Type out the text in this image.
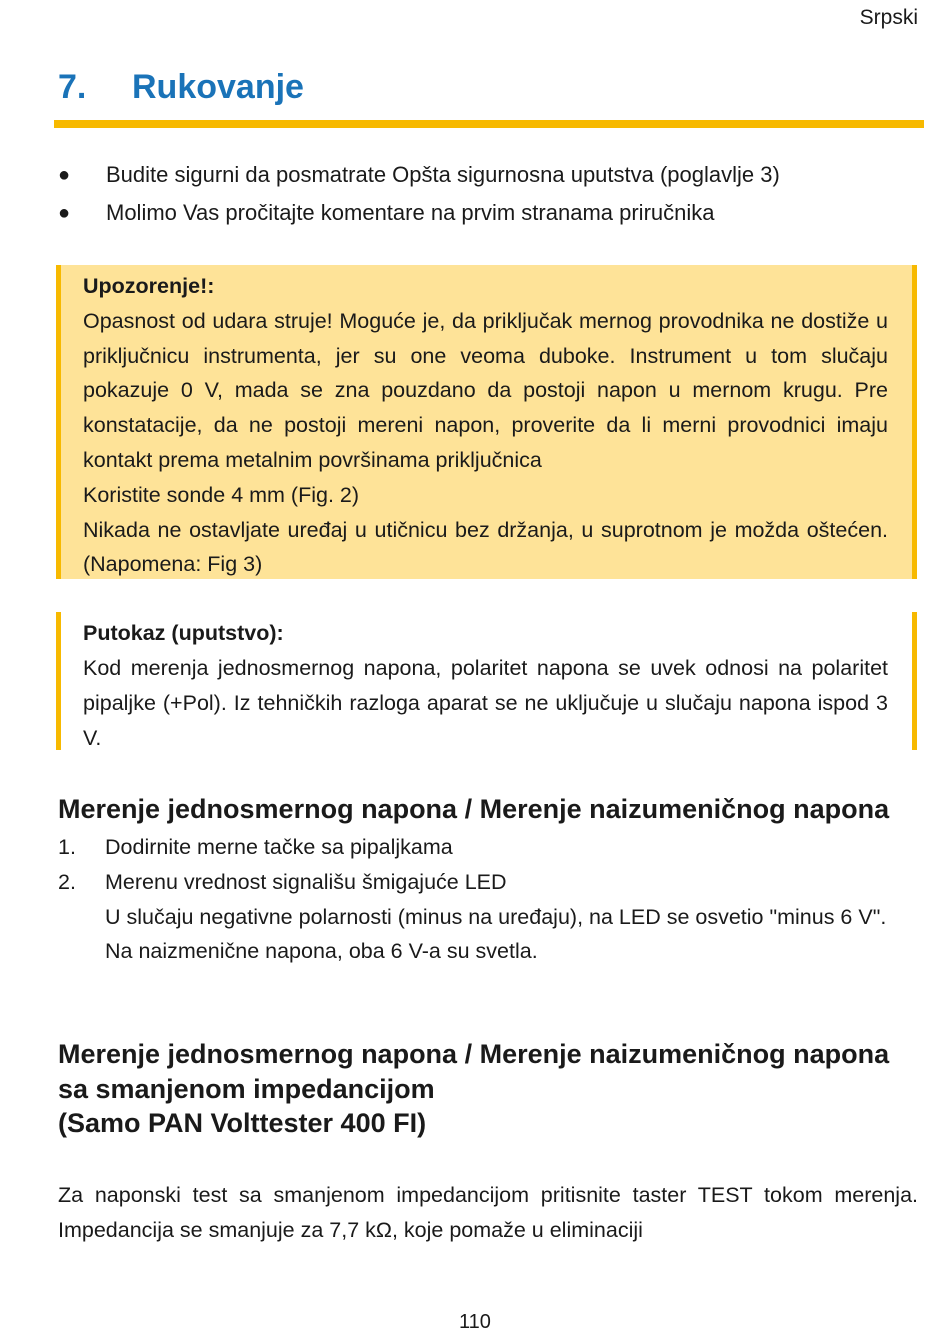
Srpski
7. Rukovanje
●	Budite sigurni da posmatrate Opšta sigurnosna uputstva (poglavlje 3)
●	Molimo Vas pročitajte komentare na prvim stranama priručnika
Upozorenje!:
Opasnost od udara struje! Moguće je, da priključak mernog provodnika ne dostiže u priključnicu instrumenta, jer su one veoma duboke. Instrument u tom slučaju pokazuje 0 V, mada se zna pouzdano da postoji napon u mernom krugu. Pre konstatacije, da ne postoji mereni napon, proverite da li merni provodnici imaju kontakt prema metalnim površinama priključnica
Koristite sonde 4 mm (Fig. 2)
Nikada ne ostavljate uređaj u utičnicu bez držanja, u suprotnom je možda oštećen. (Napomena: Fig 3)
Putokaz (uputstvo):
Kod merenja jednosmernog napona, polaritet napona se uvek odnosi na polaritet pipaljke (+Pol). Iz tehničkih razloga aparat se ne uključuje u slučaju napona ispod 3 V.
Merenje jednosmernog napona / Merenje naizumeničnog napona
1.	Dodirnite merne tačke sa pipaljkama
2.	Merenu vrednost signališu šmigajuće LED
U slučaju negativne polarnosti (minus na uređaju), na LED se osvetio "minus 6 V".
Na naizmenične napona, oba 6 V-a su svetla.
Merenje jednosmernog napona / Merenje naizumeničnog napona
sa smanjenom impedancijom
(Samo PAN Volttester 400 FI)
Za naponski test sa smanjenom impedancijom pritisnite taster TEST tokom merenja. Impedancija se smanjuje za 7,7 kΩ, koje pomaže u eliminaciji
110
